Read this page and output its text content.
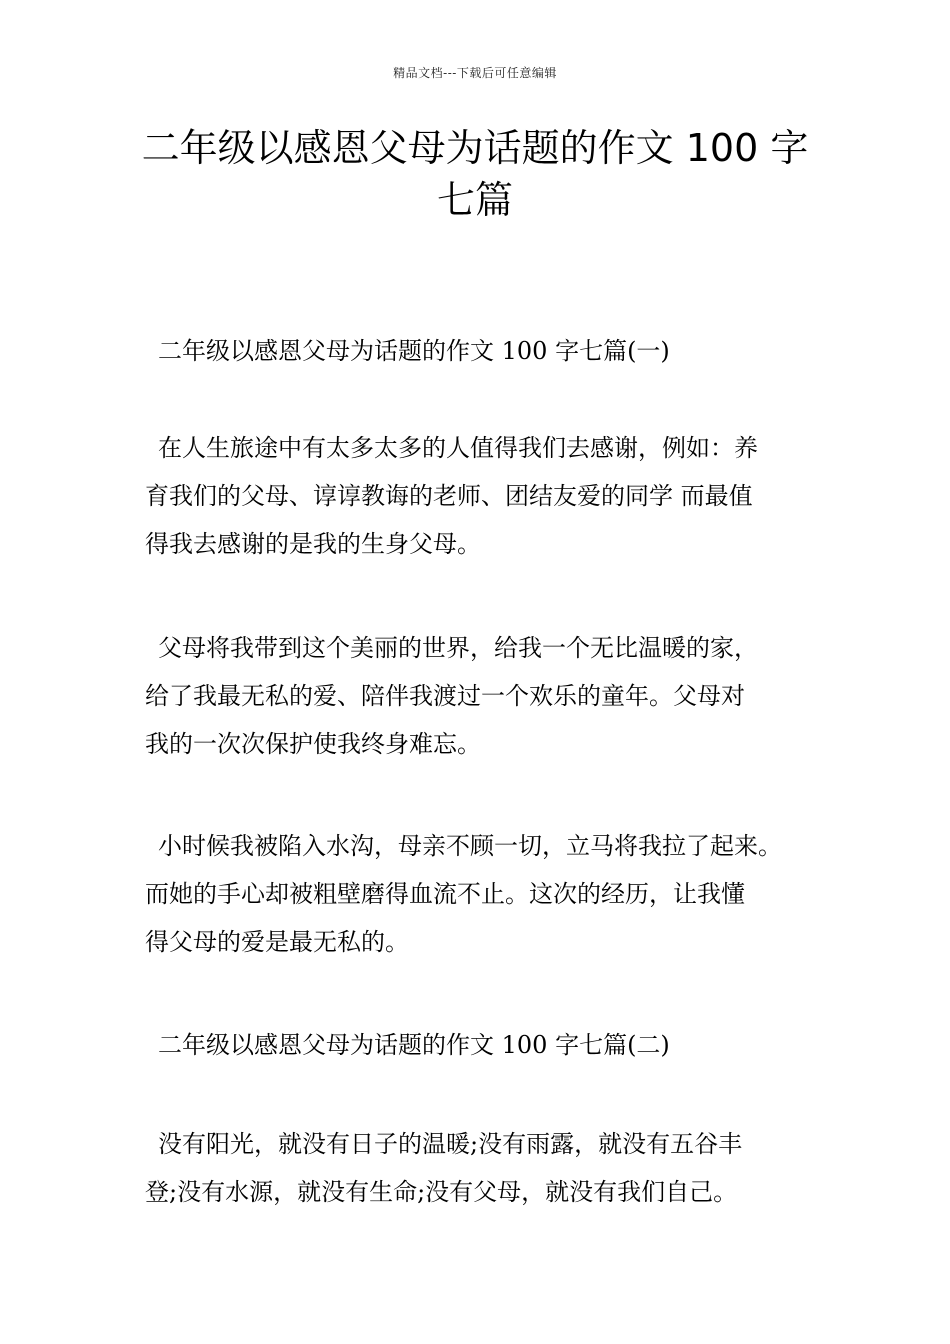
精品文档---下载后可任意编辑
二年级以感恩父母为话题的作文 100 字
七篇
二年级以感恩父母为话题的作文 100 字七篇(一)
在人生旅途中有太多太多的人值得我们去感谢，例如：养
育我们的父母、谆谆教诲的老师、团结友爱的同学 而最值
得我去感谢的是我的生身父母。
父母将我带到这个美丽的世界，给我一个无比温暖的家，
给了我最无私的爱、陪伴我渡过一个欢乐的童年。父母对
我的一次次保护使我终身难忘。
小时候我被陷入水沟，母亲不顾一切，立马将我拉了起来。
而她的手心却被粗壁磨得血流不止。这次的经历，让我懂
得父母的爱是最无私的。
二年级以感恩父母为话题的作文 100 字七篇(二)
没有阳光，就没有日子的温暖;没有雨露，就没有五谷丰
登;没有水源，就没有生命;没有父母，就没有我们自己。
